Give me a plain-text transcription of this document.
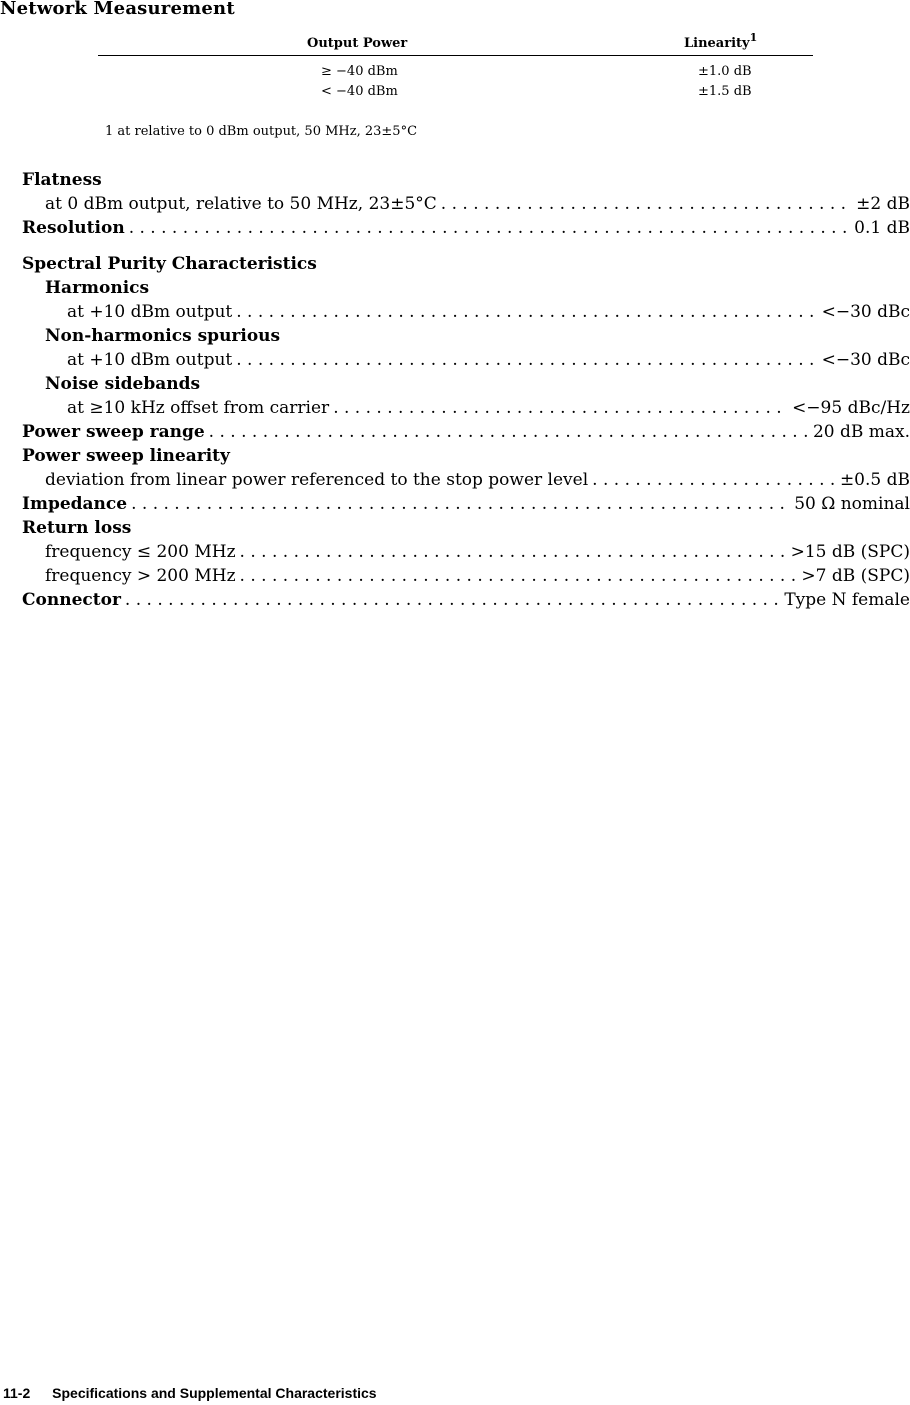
Network Measurement
Output Power	Linearity$^1$
≥ −40 dBm	±1.0 dB
< −40 dBm	±1.5 dB
1 at relative to 0 dBm output, 50 MHz, 23±5°C
Flatness
at 0 dBm output, relative to 50 MHz, 23±5°C . . .	±2 dB
Resolution . . .	0.1 dB
Spectral Purity Characteristics
Harmonics
at +10 dBm output . . .	<−30 dBc
Non-harmonics spurious
at +10 dBm output . . .	<−30 dBc
Noise sidebands
at ≥10 kHz offset from carrier . . .	<−95 dBc/Hz
Power sweep range . . .	20 dB max.
Power sweep linearity
deviation from linear power referenced to the stop power level . . .	±0.5 dB
Impedance . . .	50 Ω nominal
Return loss
frequency ≤ 200 MHz . . .	>15 dB (SPC)
frequency > 200 MHz . . .	>7 dB (SPC)
Connector . . .	Type N female
11-2 Specifications and Supplemental Characteristics
